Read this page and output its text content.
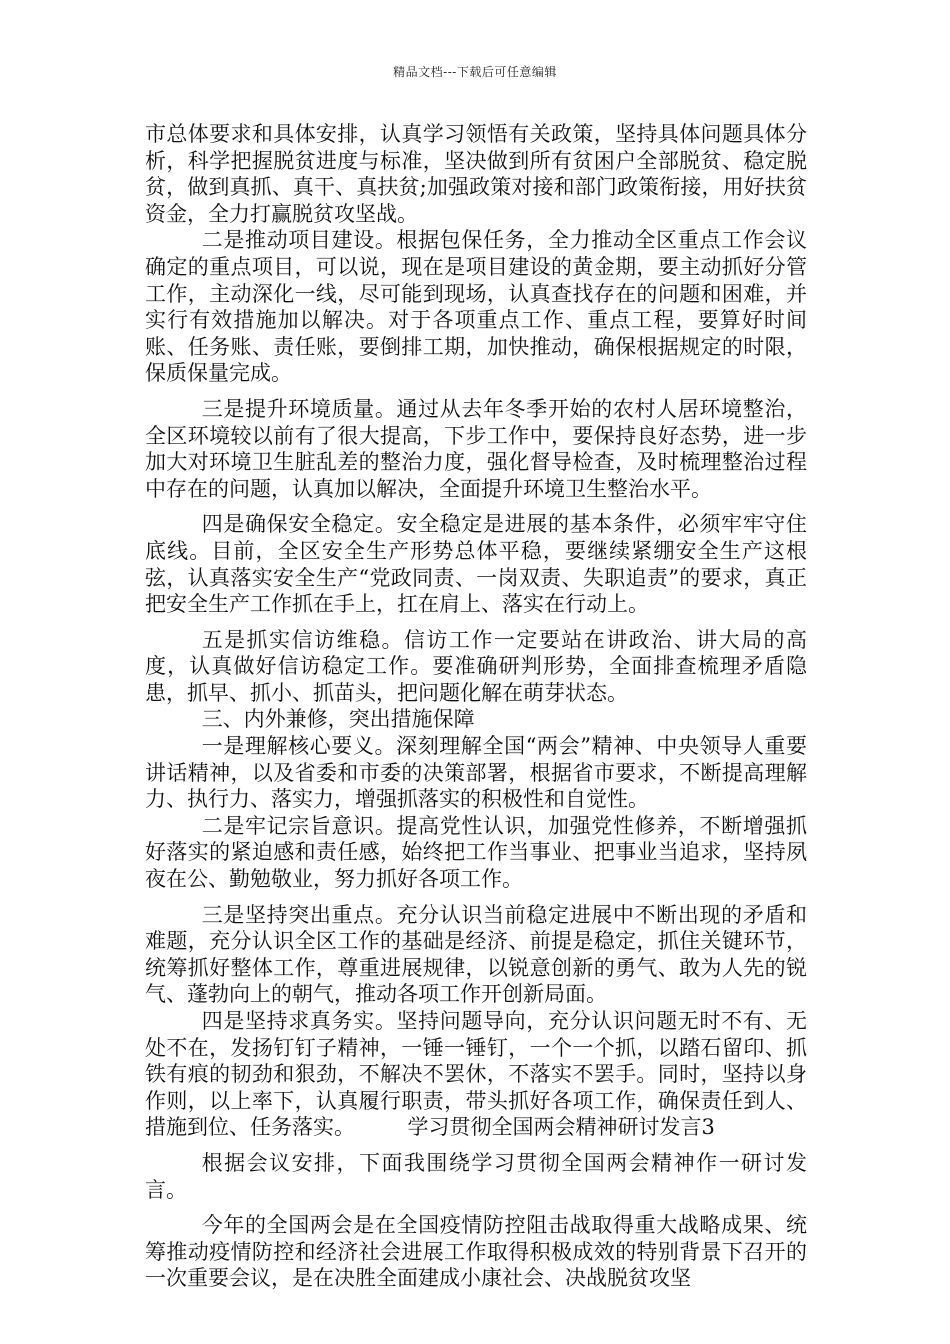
精品文档---下载后可任意编辑

市总体要求和具体安排，认真学习领悟有关政策，坚持具体问题具体分析，科学把握脱贫进度与标准，坚决做到所有贫困户全部脱贫、稳定脱贫，做到真抓、真干、真扶贫;加强政策对接和部门政策衔接，用好扶贫资金，全力打赢脱贫攻坚战。

二是推动项目建设。根据包保任务，全力推动全区重点工作会议确定的重点项目，可以说，现在是项目建设的黄金期，要主动抓好分管工作，主动深化一线，尽可能到现场，认真查找存在的问题和困难，并实行有效措施加以解决。对于各项重点工作、重点工程，要算好时间账、任务账、责任账，要倒排工期，加快推动，确保根据规定的时限，保质保量完成。

三是提升环境质量。通过从去年冬季开始的农村人居环境整治，全区环境较以前有了很大提高，下步工作中，要保持良好态势，进一步加大对环境卫生脏乱差的整治力度，强化督导检查，及时梳理整治过程中存在的问题，认真加以解决，全面提升环境卫生整治水平。

四是确保安全稳定。安全稳定是进展的基本条件，必须牢牢守住底线。目前，全区安全生产形势总体平稳，要继续紧绷安全生产这根弦，认真落实安全生产“党政同责、一岗双责、失职追责”的要求，真正把安全生产工作抓在手上，扛在肩上、落实在行动上。

五是抓实信访维稳。信访工作一定要站在讲政治、讲大局的高度，认真做好信访稳定工作。要准确研判形势，全面排查梳理矛盾隐患，抓早、抓小、抓苗头，把问题化解在萌芽状态。

三、内外兼修，突出措施保障

一是理解核心要义。深刻理解全国“两会”精神、中央领导人重要讲话精神，以及省委和市委的决策部署，根据省市要求，不断提高理解力、执行力、落实力，增强抓落实的积极性和自觉性。

二是牢记宗旨意识。提高党性认识，加强党性修养，不断增强抓好落实的紧迫感和责任感，始终把工作当事业、把事业当追求，坚持夙夜在公、勤勉敬业，努力抓好各项工作。

三是坚持突出重点。充分认识当前稳定进展中不断出现的矛盾和难题，充分认识全区工作的基础是经济、前提是稳定，抓住关键环节，统筹抓好整体工作，尊重进展规律，以锐意创新的勇气、敢为人先的锐气、蓬勃向上的朝气，推动各项工作开创新局面。

四是坚持求真务实。坚持问题导向，充分认识问题无时不有、无处不在，发扬钉钉子精神，一锤一锤钉，一个一个抓，以踏石留印、抓铁有痕的韧劲和狠劲，不解决不罢休，不落实不罢手。同时，坚持以身作则，以上率下，认真履行职责，带头抓好各项工作，确保责任到人、措施到位、任务落实。　　　学习贯彻全国两会精神研讨发言3

根据会议安排，下面我围绕学习贯彻全国两会精神作一研讨发言。

今年的全国两会是在全国疫情防控阻击战取得重大战略成果、统筹推动疫情防控和经济社会进展工作取得积极成效的特别背景下召开的一次重要会议，是在决胜全面建成小康社会、决战脱贫攻坚
